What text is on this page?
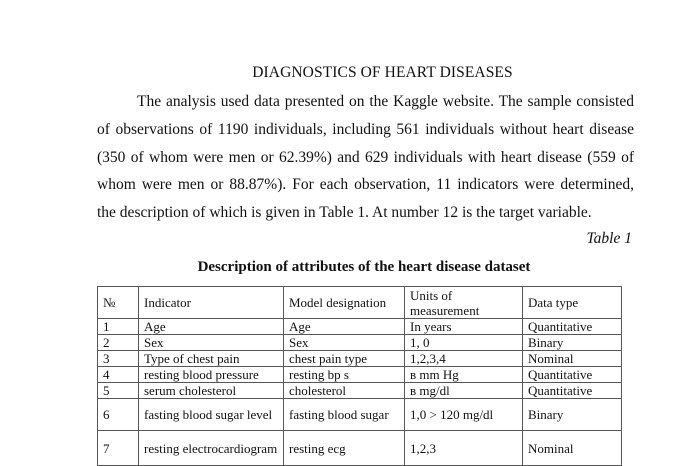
DIAGNOSTICS OF HEART DISEASES
The analysis used data presented on the Kaggle website. The sample consisted
of observations of 1190 individuals, including 561 individuals without heart disease
(350 of whom were men or 62.39%) and 629 individuals with heart disease (559 of
whom were men or 88.87%). For each observation, 11 indicators were determined,
the description of which is given in Table 1. At number 12 is the target variable.
Table 1
Description of attributes of the heart disease dataset
№	Indicator	Model designation	Units of measurement	Data type
1	Age	Age	In years	Quantitative
2	Sex	Sex	1, 0	Binary
3	Type of chest pain	chest pain type	1,2,3,4	Nominal
4	resting blood pressure	resting bp s	в mm Hg	Quantitative
5	serum cholesterol	cholesterol	в mg/dl	Quantitative
6	fasting blood sugar level	fasting blood sugar	1,0 > 120 mg/dl	Binary
7	resting electrocardiogram	resting ecg	1,2,3	Nominal
